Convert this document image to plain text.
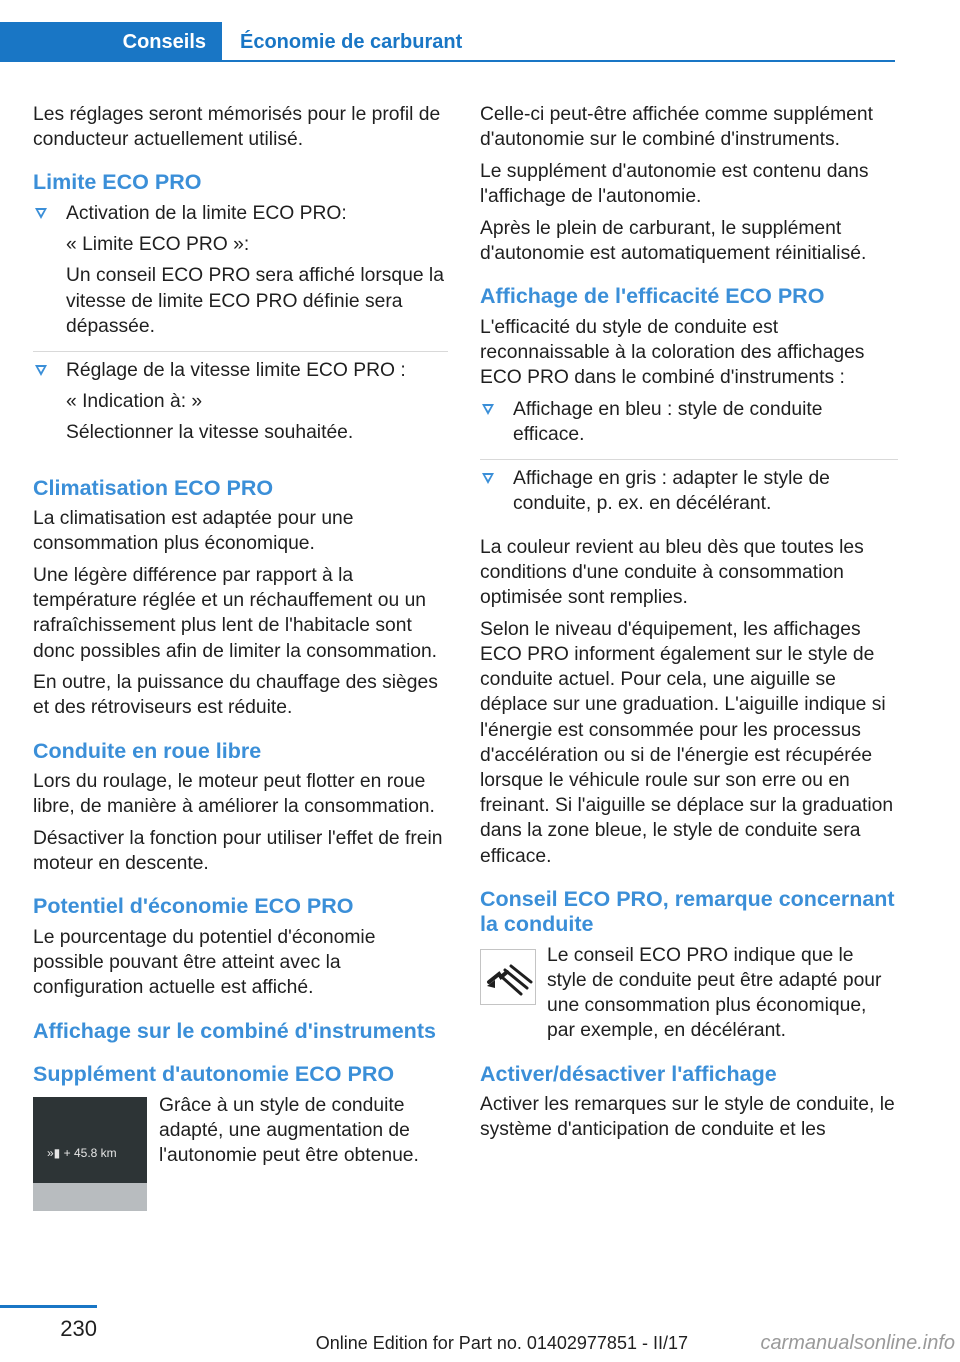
Conseils	Économie de carburant

Les réglages seront mémorisés pour le profil de conducteur actuellement utilisé.

Limite ECO PRO

Activation de la limite ECO PRO:

« Limite ECO PRO »:

Un conseil ECO PRO sera affiché lorsque la vitesse de limite ECO PRO définie sera dépassée.

Réglage de la vitesse limite ECO PRO :

« Indication à: »

Sélectionner la vitesse souhaitée.

Climatisation ECO PRO

La climatisation est adaptée pour une consommation plus économique.

Une légère différence par rapport à la température réglée et un réchauffement ou un rafraîchissement plus lent de l'habitacle sont donc possibles afin de limiter la consommation.

En outre, la puissance du chauffage des sièges et des rétroviseurs est réduite.

Conduite en roue libre

Lors du roulage, le moteur peut flotter en roue libre, de manière à améliorer la consommation.

Désactiver la fonction pour utiliser l'effet de frein moteur en descente.

Potentiel d'économie ECO PRO

Le pourcentage du potentiel d'économie possible pouvant être atteint avec la configuration actuelle est affiché.

Affichage sur le combiné d'instruments
Supplément d'autonomie ECO PRO
»▮ + 45.8 km

Grâce à un style de conduite adapté, une augmentation de l'autonomie peut être obtenue.

Celle-ci peut-être affichée comme supplément d'autonomie sur le combiné d'instruments.

Le supplément d'autonomie est contenu dans l'affichage de l'autonomie.

Après le plein de carburant, le supplément d'autonomie est automatiquement réinitialisé.

Affichage de l'efficacité ECO PRO

L'efficacité du style de conduite est reconnaissable à la coloration des affichages ECO PRO dans le combiné d'instruments :

Affichage en bleu : style de conduite efficace.

Affichage en gris : adapter le style de conduite, p. ex. en décélérant.

La couleur revient au bleu dès que toutes les conditions d'une conduite à consommation optimisée sont remplies.

Selon le niveau d'équipement, les affichages ECO PRO informent également sur le style de conduite actuel. Pour cela, une aiguille se déplace sur une graduation. L'aiguille indique si l'énergie est consommée pour les processus d'accélération ou si de l'énergie est récupérée lorsque le véhicule roule sur son erre ou en freinant. Si l'aiguille se déplace sur la graduation dans la zone bleue, le style de conduite sera efficace.

Conseil ECO PRO, remarque concernant la conduite

Le conseil ECO PRO indique que le style de conduite peut être adapté pour une consommation plus économique, par exemple, en décélérant.

Activer/désactiver l'affichage

Activer les remarques sur le style de conduite, le système d'anticipation de conduite et les

230
Online Edition for Part no. 01402977851 - II/17	carmanualsonline.info
